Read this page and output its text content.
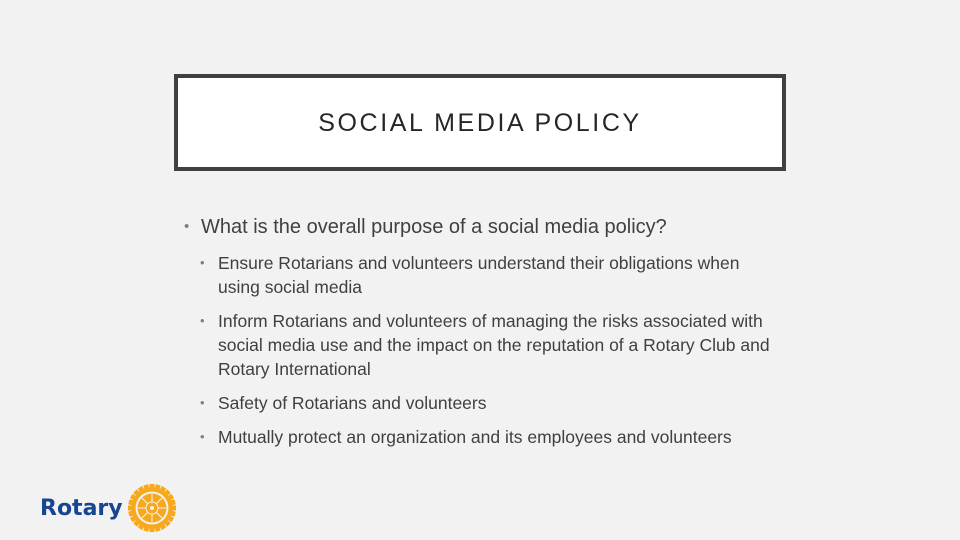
SOCIAL MEDIA POLICY
• What is the overall purpose of a social media policy?
• Ensure Rotarians and volunteers understand their obligations when using social media
• Inform Rotarians and volunteers of managing the risks associated with social media use and the impact on the reputation of a Rotary Club and Rotary International
• Safety of Rotarians and volunteers
• Mutually protect an organization and its employees and volunteers
Rotary
